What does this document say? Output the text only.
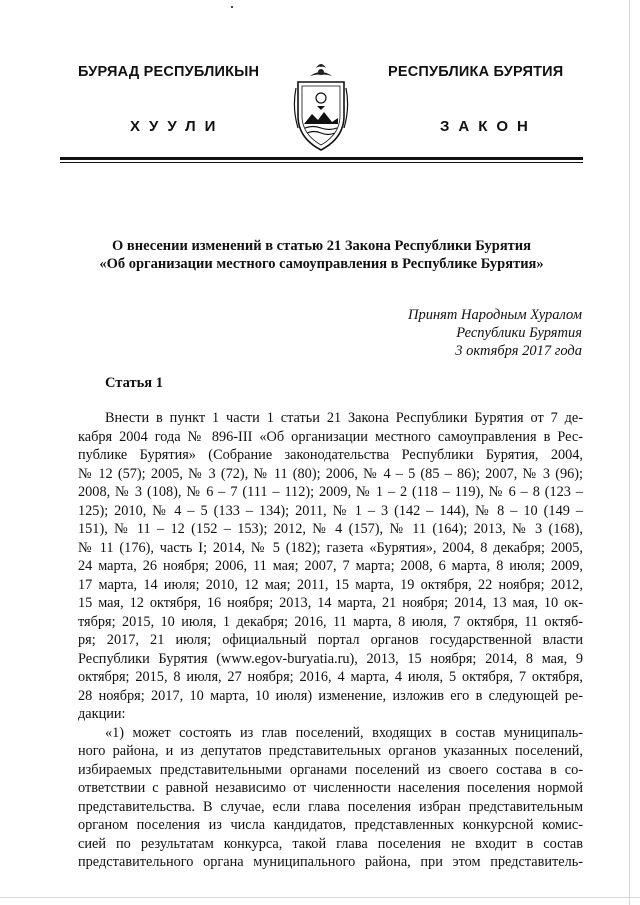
БУРЯАД РЕСПУБЛИКЫН	РЕСПУБЛИКА БУРЯТИЯ
ХУУЛИ	ЗАКОН
О внесении изменений в статью 21 Закона Республики Бурятия
«Об организации местного самоуправления в Республике Бурятия»
Принят Народным Хуралом
Республики Бурятия
3 октября 2017 года
Статья 1
Внести в пункт 1 части 1 статьи 21 Закона Республики Бурятия от 7 де-
кабря 2004 года № 896-III «Об организации местного самоуправления в Рес-
публике Бурятия» (Собрание законодательства Республики Бурятия, 2004,
№ 12 (57); 2005, № 3 (72), № 11 (80); 2006, № 4 – 5 (85 – 86); 2007, № 3 (96);
2008, № 3 (108), № 6 – 7 (111 – 112); 2009, № 1 – 2 (118 – 119), № 6 – 8 (123 –
125); 2010, № 4 – 5 (133 – 134); 2011, № 1 – 3 (142 – 144), № 8 – 10 (149 –
151), № 11 – 12 (152 – 153); 2012, № 4 (157), № 11 (164); 2013, № 3 (168),
№ 11 (176), часть I; 2014, № 5 (182); газета «Бурятия», 2004, 8 декабря; 2005,
24 марта, 26 ноября; 2006, 11 мая; 2007, 7 марта; 2008, 6 марта, 8 июля; 2009,
17 марта, 14 июля; 2010, 12 мая; 2011, 15 марта, 19 октября, 22 ноября; 2012,
15 мая, 12 октября, 16 ноября; 2013, 14 марта, 21 ноября; 2014, 13 мая, 10 ок-
тября; 2015, 10 июля, 1 декабря; 2016, 11 марта, 8 июля, 7 октября, 11 октяб-
ря; 2017, 21 июля; официальный портал органов государственной власти
Республики Бурятия (www.egov-buryatia.ru), 2013, 15 ноября; 2014, 8 мая, 9
октября; 2015, 8 июля, 27 ноября; 2016, 4 марта, 4 июля, 5 октября, 7 октября,
28 ноября; 2017, 10 марта, 10 июля) изменение, изложив его в следующей ре-
дакции:
«1) может состоять из глав поселений, входящих в состав муниципаль-
ного района, и из депутатов представительных органов указанных поселений,
избираемых представительными органами поселений из своего состава в со-
ответствии с равной независимо от численности населения поселения нормой
представительства. В случае, если глава поселения избран представительным
органом поселения из числа кандидатов, представленных конкурсной комис-
сией по результатам конкурса, такой глава поселения не входит в состав
представительного органа муниципального района, при этом представитель-
